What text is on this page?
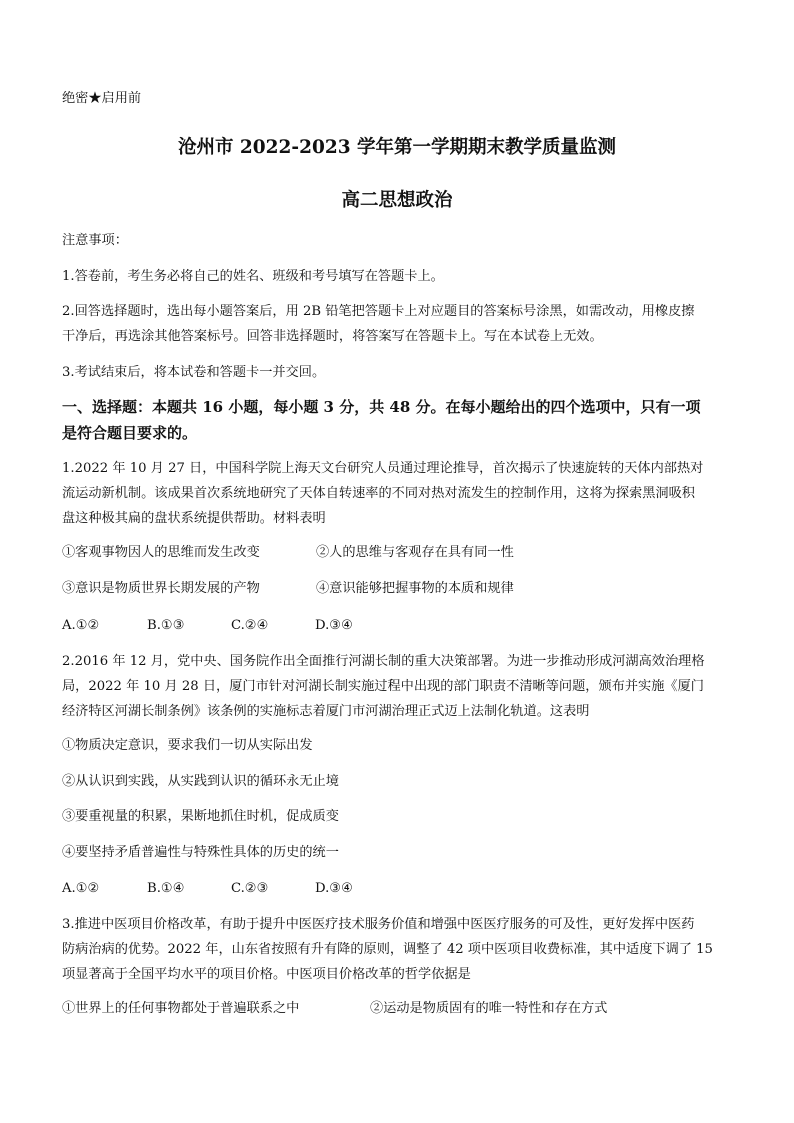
绝密★启用前
沧州市 2022-2023 学年第一学期期末教学质量监测
高二思想政治
注意事项：
1.答卷前，考生务必将自己的姓名、班级和考号填写在答题卡上。
2.回答选择题时，选出每小题答案后，用 2B 铅笔把答题卡上对应题目的答案标号涂黑，如需改动，用橡皮擦
干净后，再选涂其他答案标号。回答非选择题时，将答案写在答题卡上。写在本试卷上无效。
3.考试结束后，将本试卷和答题卡一并交回。
一、选择题：本题共 16 小题，每小题 3 分，共 48 分。在每小题给出的四个选项中，只有一项
是符合题目要求的。
1.2022 年 10 月 27 日，中国科学院上海天文台研究人员通过理论推导，首次揭示了快速旋转的天体内部热对
流运动新机制。该成果首次系统地研究了天体自转速率的不同对热对流发生的控制作用，这将为探索黑洞吸积
盘这种极其扁的盘状系统提供帮助。材料表明
①客观事物因人的思维而发生改变	②人的思维与客观存在具有同一性
③意识是物质世界长期发展的产物	④意识能够把握事物的本质和规律
A.①②	B.①③	C.②④	D.③④
2.2016 年 12 月，党中央、国务院作出全面推行河湖长制的重大决策部署。为进一步推动形成河湖高效治理格
局，2022 年 10 月 28 日，厦门市针对河湖长制实施过程中出现的部门职责不清晰等问题，颁布并实施《厦门
经济特区河湖长制条例》该条例的实施标志着厦门市河湖治理正式迈上法制化轨道。这表明
①物质决定意识，要求我们一切从实际出发
②从认识到实践，从实践到认识的循环永无止境
③要重视量的积累，果断地抓住时机，促成质变
④要坚持矛盾普遍性与特殊性具体的历史的统一
A.①②	B.①④	C.②③	D.③④
3.推进中医项目价格改革，有助于提升中医医疗技术服务价值和增强中医医疗服务的可及性，更好发挥中医药
防病治病的优势。2022 年，山东省按照有升有降的原则，调整了 42 项中医项目收费标准，其中适度下调了 15
项显著高于全国平均水平的项目价格。中医项目价格改革的哲学依据是
①世界上的任何事物都处于普遍联系之中	②运动是物质固有的唯一特性和存在方式
